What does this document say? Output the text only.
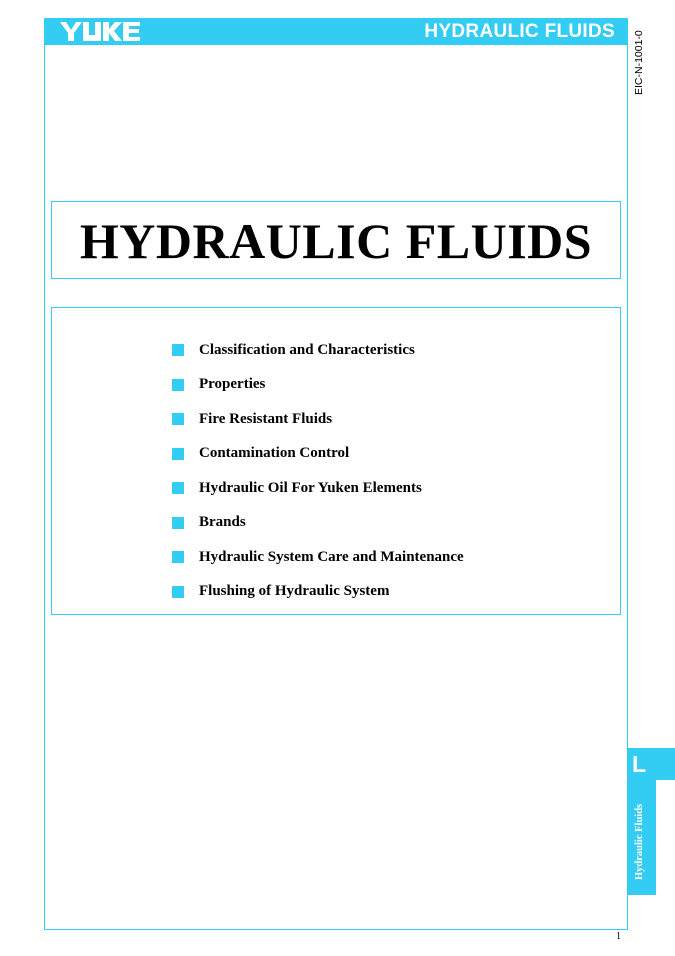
HYDRAULIC FLUIDS EIC-N-1001-0
HYDRAULIC FLUIDS
Classification and Characteristics
Properties
Fire Resistant Fluids
Contamination Control
Hydraulic Oil For Yuken Elements
Brands
Hydraulic System Care and Maintenance
Flushing of Hydraulic System
L
Hydraulic Fluids
1
